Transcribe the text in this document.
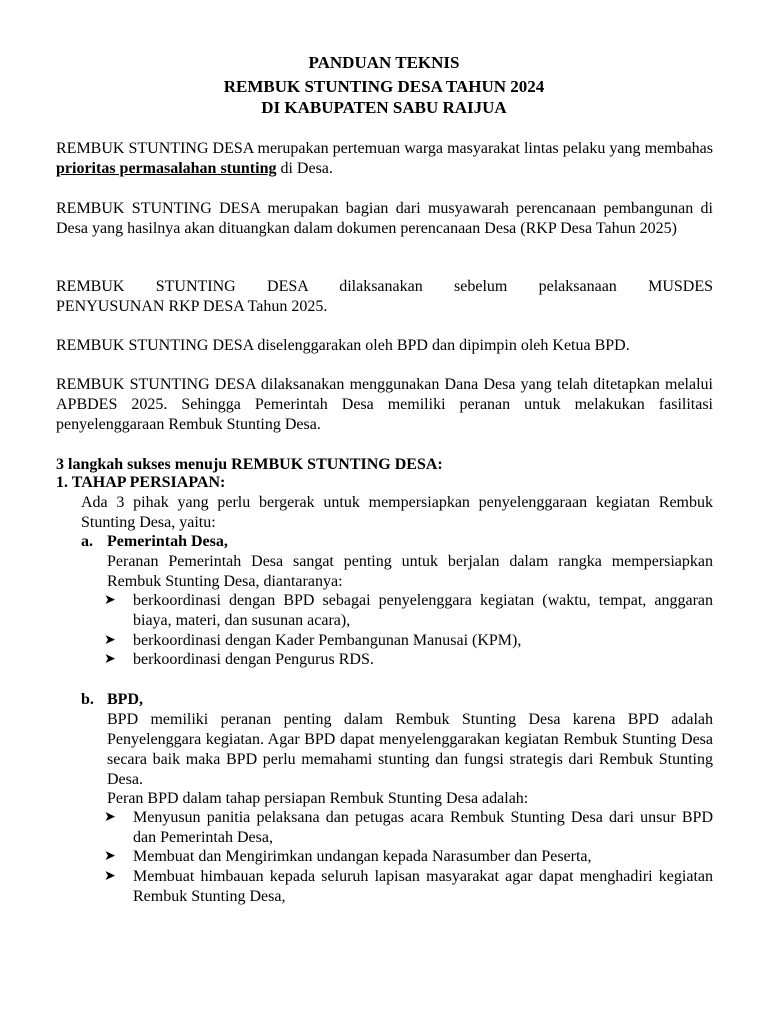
PANDUAN TEKNIS
REMBUK STUNTING DESA TAHUN 2024
DI KABUPATEN SABU RAIJUA
REMBUK STUNTING DESA merupakan pertemuan warga masyarakat lintas pelaku yang membahas prioritas permasalahan stunting di Desa.
REMBUK STUNTING DESA merupakan bagian dari musyawarah perencanaan pembangunan di Desa yang hasilnya akan dituangkan dalam dokumen perencanaan Desa (RKP Desa Tahun 2025)
REMBUK STUNTING DESA dilaksanakan sebelum pelaksanaan MUSDES
PENYUSUNAN RKP DESA Tahun 2025.
REMBUK STUNTING DESA diselenggarakan oleh BPD dan dipimpin oleh Ketua BPD.
REMBUK STUNTING DESA dilaksanakan menggunakan Dana Desa yang telah ditetapkan melalui APBDES 2025. Sehingga Pemerintah Desa memiliki peranan untuk melakukan fasilitasi penyelenggaraan Rembuk Stunting Desa.
3 langkah sukses menuju REMBUK STUNTING DESA:
1. TAHAP PERSIAPAN:
Ada 3 pihak yang perlu bergerak untuk mempersiapkan penyelenggaraan kegiatan Rembuk Stunting Desa, yaitu:
a. Pemerintah Desa,
Peranan Pemerintah Desa sangat penting untuk berjalan dalam rangka mempersiapkan Rembuk Stunting Desa, diantaranya:
➤ berkoordinasi dengan BPD sebagai penyelenggara kegiatan (waktu, tempat, anggaran biaya, materi, dan susunan acara),
➤ berkoordinasi dengan Kader Pembangunan Manusai (KPM),
➤ berkoordinasi dengan Pengurus RDS.
b. BPD,
BPD memiliki peranan penting dalam Rembuk Stunting Desa karena BPD adalah Penyelenggara kegiatan. Agar BPD dapat menyelenggarakan kegiatan Rembuk Stunting Desa secara baik maka BPD perlu memahami stunting dan fungsi strategis dari Rembuk Stunting Desa.
Peran BPD dalam tahap persiapan Rembuk Stunting Desa adalah:
➤ Menyusun panitia pelaksana dan petugas acara Rembuk Stunting Desa dari unsur BPD dan Pemerintah Desa,
➤ Membuat dan Mengirimkan undangan kepada Narasumber dan Peserta,
➤ Membuat himbauan kepada seluruh lapisan masyarakat agar dapat menghadiri kegiatan Rembuk Stunting Desa,
